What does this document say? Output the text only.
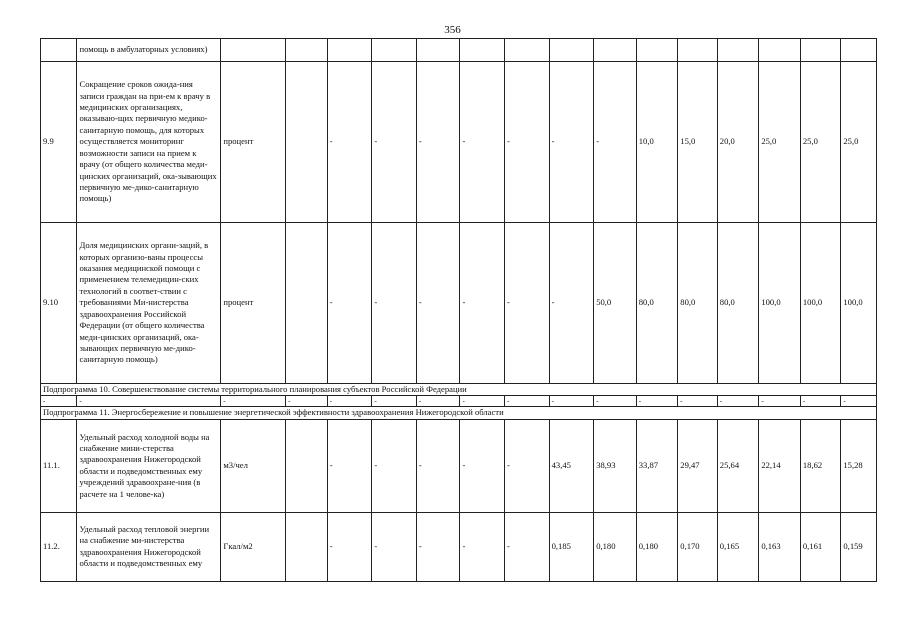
356
	помощь в амбулаторных условиях)															
9.9	Сокращение сроков ожида-ния записи граждан на при-ем к врачу в медицинских организациях, оказываю-щих первичную медико-санитарную помощь, для которых осуществляется мониторинг возможности записи на прием к врачу (от общего количества меди-цинских организаций, ока-зывающих первичную ме-дико-санитарную помощь)	процент		-	-	-	-	-	-	-	10,0	15,0	20,0	25,0	25,0	25,0
9.10	Доля медицинских органи-заций, в которых организо-ваны процессы оказания медицинской помощи с применением телемедицин-ских технологий в соответ-ствии с требованиями Ми-нистерства здравоохранения Российской Федерации (от общего количества меди-цинских организаций, ока-зывающих первичную ме-дико-санитарную помощь)	процент		-	-	-	-	-	-	50,0	80,0	80,0	80,0	100,0	100,0	100,0
Подпрограмма 10. Совершенствование системы территориального планирования субъектов Российской Федерации																
-	-	-	-	-	-	-	-	-	-	-	-	-	-	-	-	-
Подпрограмма 11. Энергосбережение и повышение энергетической эффективности здравоохранения Нижегородской области																
11.1.	Удельный расход холодной воды на снабжение мини-стерства здравоохранения Нижегородской области и подведомственных ему учреждений здравоохране-ния (в расчете на 1 челове-ка)	м3/чел		-	-	-	-	-	43,45	38,93	33,87	29,47	25,64	22,14	18,62	15,28
11.2.	Удельный расход тепловой энергии на снабжение ми-нистерства здравоохранения Нижегородской области и подведомственных ему	Гкал/м2		-	-	-	-	-	0,185	0,180	0,180	0,170	0,165	0,163	0,161	0,159
